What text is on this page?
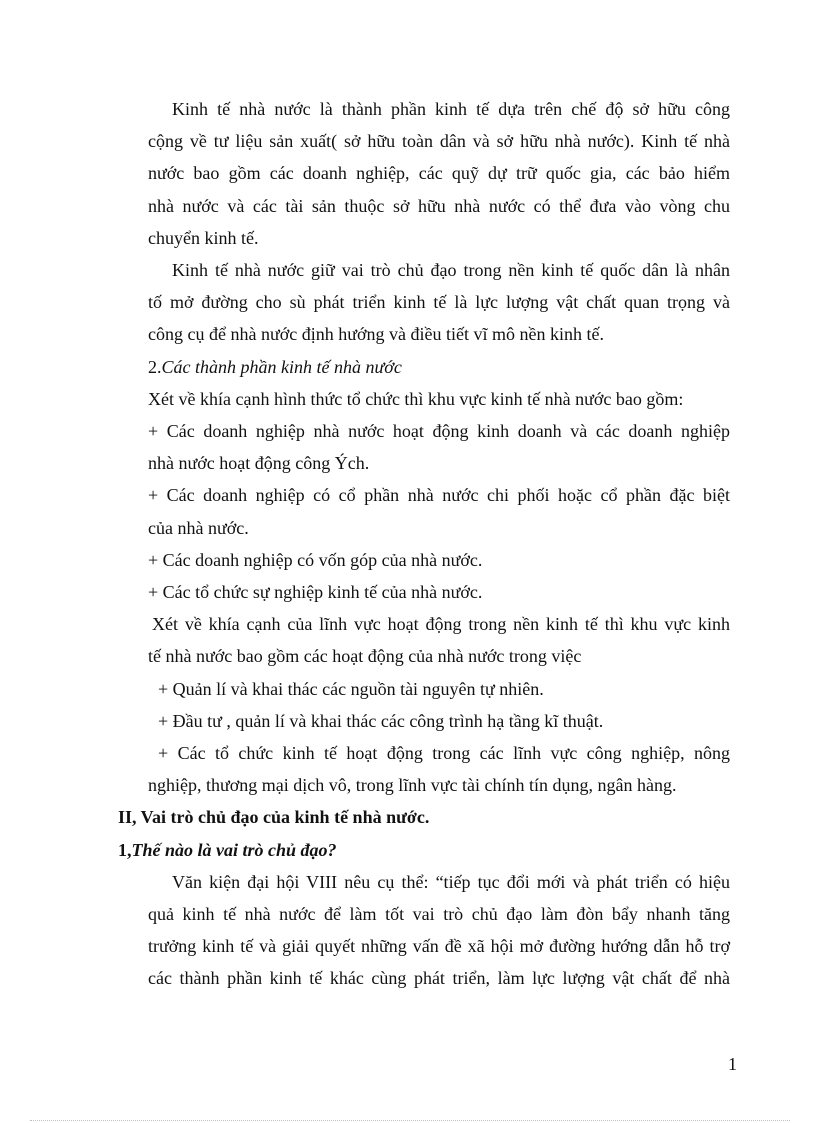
Kinh tế nhà nước là thành phần kinh tế dựa trên chế độ sở hữu công

cộng về tư liệu sản xuất( sở hữu toàn dân và sở hữu nhà nước). Kinh tế nhà

nước bao gồm các doanh nghiệp, các quỹ dự trữ quốc gia, các bảo hiểm

nhà nước và các tài sản thuộc sở hữu nhà nước có thể đưa vào vòng chu

chuyển kinh tế.

Kinh tế nhà nước giữ vai trò chủ đạo trong nền kinh tế quốc dân là nhân

tố mở đường cho sù phát triển kinh tế là lực lượng vật chất quan trọng và

công cụ để nhà nước định hướng và điều tiết vĩ mô nền kinh tế.

2.Các thành phần kinh tế nhà nước

Xét về khía cạnh hình thức tổ chức thì khu vực kinh tế nhà nước bao gồm:

+ Các doanh nghiệp nhà nước hoạt động kinh doanh và các doanh nghiệp

nhà nước hoạt động công Ých.

+ Các doanh nghiệp có cổ phần nhà nước chi phối hoặc cổ phần đặc biệt

của nhà nước.

+ Các doanh nghiệp có vốn góp của nhà nước.

+ Các tổ chức sự nghiệp kinh tế của nhà nước.

Xét về khía cạnh của lĩnh vực hoạt động trong nền kinh tế thì khu vực kinh

tế nhà nước bao gồm các hoạt động của nhà nước trong việc

+ Quản lí và khai thác các nguồn tài nguyên tự nhiên.

+ Đầu tư , quản lí và khai thác các công trình hạ tầng kĩ thuật.

+ Các tổ chức kinh tế hoạt động trong các lĩnh vực công nghiệp, nông

nghiệp, thương mại dịch vô, trong lĩnh vực tài chính tín dụng, ngân hàng.

II, Vai trò chủ đạo của kinh tế nhà nước.

1,Thế nào là vai trò chủ đạo?

Văn kiện đại hội VIII nêu cụ thể: “tiếp tục đổi mới và phát triển có hiệu

quả kinh tế nhà nước để làm tốt vai trò chủ đạo làm đòn bẩy nhanh tăng

trưởng kinh tế và giải quyết những vấn đề xã hội mở đường hướng dẫn hỗ trợ

các thành phần kinh tế khác cùng phát triển, làm lực lượng vật chất để nhà

1
